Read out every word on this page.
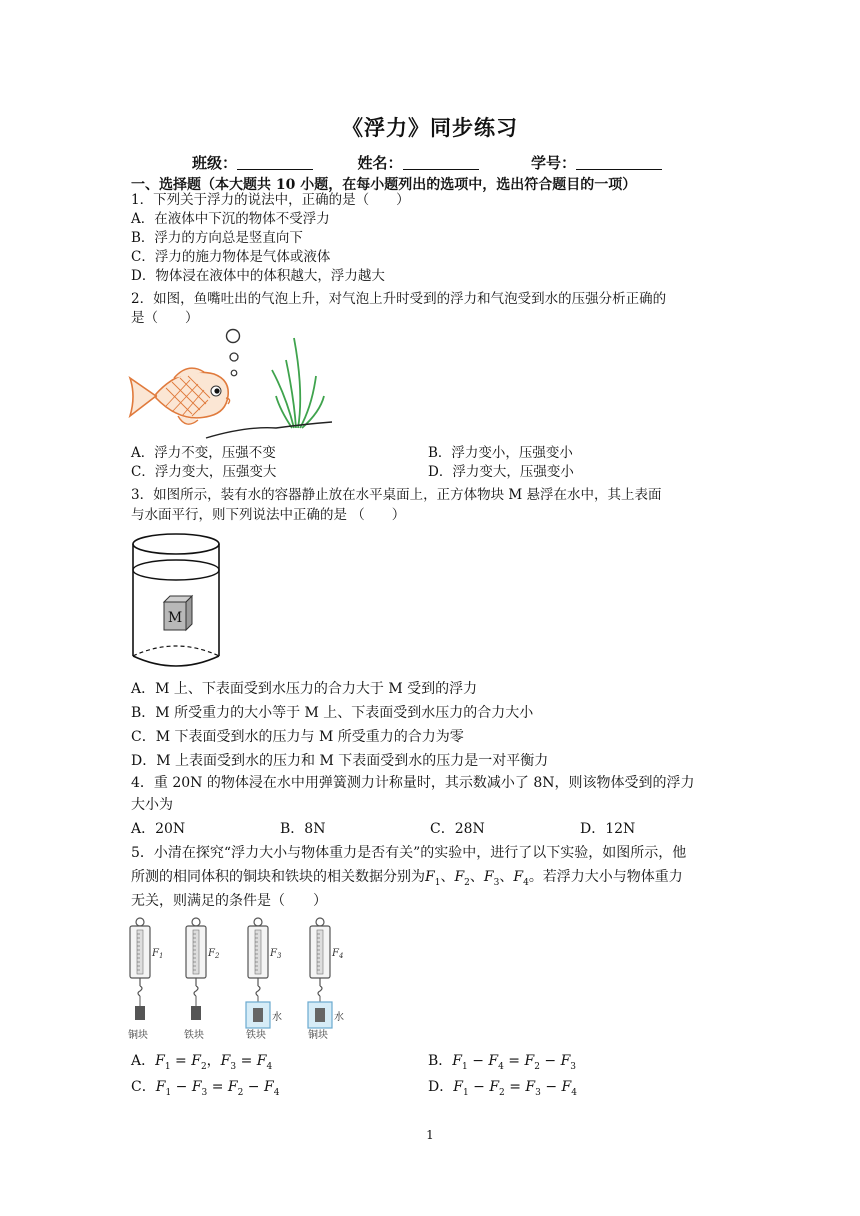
《浮力》同步练习
班级：	姓名：	学号：
一、选择题（本大题共 10 小题，在每小题列出的选项中，选出符合题目的一项）
1．下列关于浮力的说法中，正确的是（　　）
A．在液体中下沉的物体不受浮力
B．浮力的方向总是竖直向下
C．浮力的施力物体是气体或液体
D．物体浸在液体中的体积越大，浮力越大
2．如图，鱼嘴吐出的气泡上升，对气泡上升时受到的浮力和气泡受到水的压强分析正确的
是（　　）
A．浮力不变，压强不变	B．浮力变小，压强变小
C．浮力变大，压强变大	D．浮力变大，压强变小
3．如图所示，装有水的容器静止放在水平桌面上，正方体物块 M 悬浮在水中，其上表面
与水面平行，则下列说法中正确的是 （　　）
M
A．M 上、下表面受到水压力的合力大于 M 受到的浮力
B．M 所受重力的大小等于 M 上、下表面受到水压力的合力大小
C．M 下表面受到水的压力与 M 所受重力的合力为零
D．M 上表面受到水的压力和 M 下表面受到水的压力是一对平衡力
4．重 20N 的物体浸在水中用弹簧测力计称量时，其示数减小了 8N，则该物体受到的浮力
大小为
A．20N	B．8N	C．28N	D．12N
5．小清在探究“浮力大小与物体重力是否有关”的实验中，进行了以下实验，如图所示，他
所测的相同体积的铜块和铁块的相关数据分别为$F_1$、$F_2$、$F_3$、$F_4$。若浮力大小与物体重力
无关，则满足的条件是（　　）
$F_1$
铜块
$F_2$
铁块
$F_3$
水
铁块
$F_4$
水
铜块
A．$F_1 = F_2$，$F_3 = F_4$	B．$F_1 - F_4 = F_2 - F_3$
C．$F_1 - F_3 = F_2 - F_4$	D．$F_1 - F_2 = F_3 - F_4$
1
